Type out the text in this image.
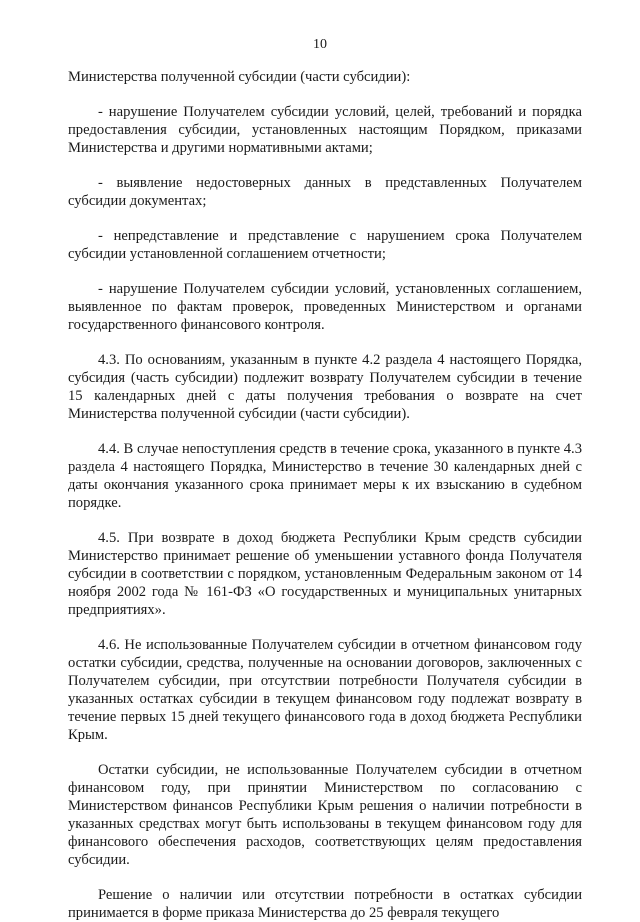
10

Министерства полученной субсидии (части субсидии):

- нарушение Получателем субсидии условий, целей, требований и порядка предоставления субсидии, установленных настоящим Порядком, приказами Министерства и другими нормативными актами;

- выявление недостоверных данных в представленных Получателем субсидии документах;

- непредставление и представление с нарушением срока Получателем субсидии установленной соглашением отчетности;

- нарушение Получателем субсидии условий, установленных соглашением, выявленное по фактам проверок, проведенных Министерством и органами государственного финансового контроля.

4.3. По основаниям, указанным в пункте 4.2 раздела 4 настоящего Порядка, субсидия (часть субсидии) подлежит возврату Получателем субсидии в течение 15 календарных дней с даты получения требования о возврате на счет Министерства полученной субсидии (части субсидии).

4.4. В случае непоступления средств в течение срока, указанного в пункте 4.3 раздела 4 настоящего Порядка, Министерство в течение 30 календарных дней с даты окончания указанного срока принимает меры к их взысканию в судебном порядке.

4.5. При возврате в доход бюджета Республики Крым средств субсидии Министерство принимает решение об уменьшении уставного фонда Получателя субсидии в соответствии с порядком, установленным Федеральным законом от 14 ноября 2002 года № 161-ФЗ «О государственных и муниципальных унитарных предприятиях».

4.6. Не использованные Получателем субсидии в отчетном финансовом году остатки субсидии, средства, полученные на основании договоров, заключенных с Получателем субсидии, при отсутствии потребности Получателя субсидии в указанных остатках субсидии в текущем финансовом году подлежат возврату в течение первых 15 дней текущего финансового года в доход бюджета Республики Крым.

Остатки субсидии, не использованные Получателем субсидии в отчетном финансовом году, при принятии Министерством по согласованию с Министерством финансов Республики Крым решения о наличии потребности в указанных средствах могут быть использованы в текущем финансовом году для финансового обеспечения расходов, соответствующих целям предоставления субсидии.

Решение о наличии или отсутствии потребности в остатках субсидии принимается в форме приказа Министерства до 25 февраля текущего
